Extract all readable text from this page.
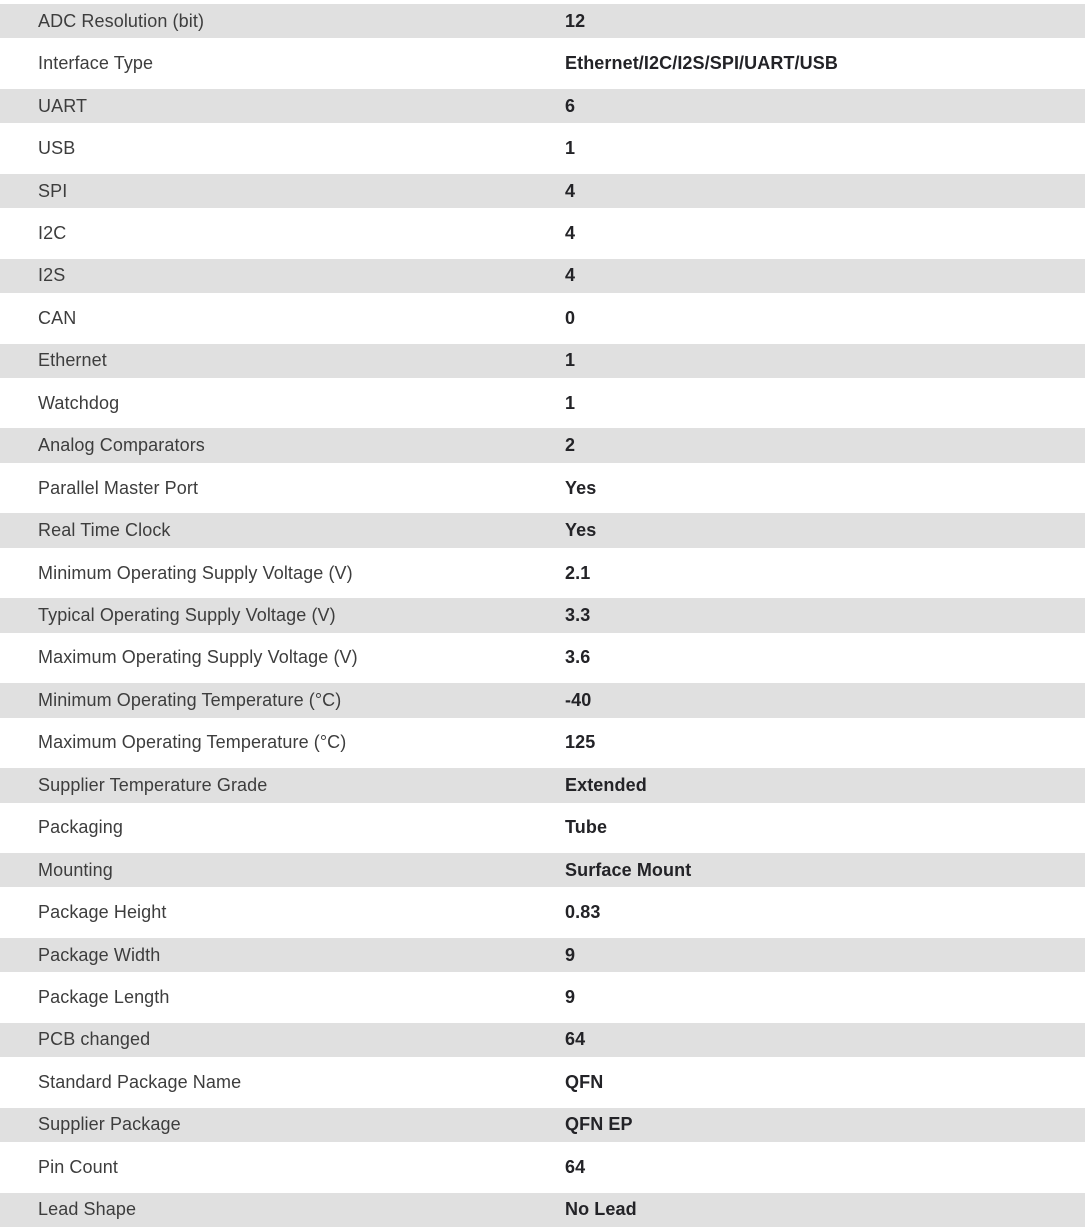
ADC Resolution (bit)	12
Interface Type	Ethernet/I2C/I2S/SPI/UART/USB
UART	6
USB	1
SPI	4
I2C	4
I2S	4
CAN	0
Ethernet	1
Watchdog	1
Analog Comparators	2
Parallel Master Port	Yes
Real Time Clock	Yes
Minimum Operating Supply Voltage (V)	2.1
Typical Operating Supply Voltage (V)	3.3
Maximum Operating Supply Voltage (V)	3.6
Minimum Operating Temperature (°C)	-40
Maximum Operating Temperature (°C)	125
Supplier Temperature Grade	Extended
Packaging	Tube
Mounting	Surface Mount
Package Height	0.83
Package Width	9
Package Length	9
PCB changed	64
Standard Package Name	QFN
Supplier Package	QFN EP
Pin Count	64
Lead Shape	No Lead
